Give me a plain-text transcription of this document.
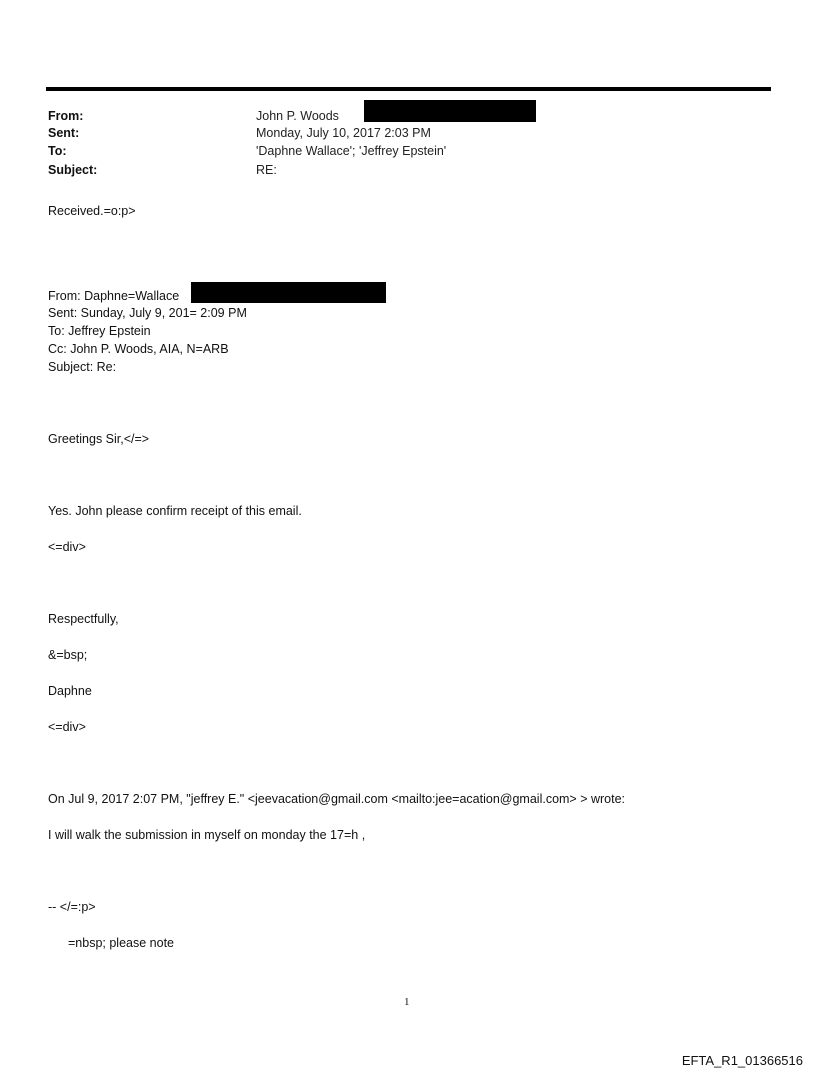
From:	John P. Woods
Sent:	Monday, July 10, 2017 2:03 PM
To:	'Daphne Wallace'; 'Jeffrey Epstein'
Subject:	RE:
Received.=o:p>
From: Daphne=Wallace
Sent: Sunday, July 9, 201= 2:09 PM
To: Jeffrey Epstein
Cc: John P. Woods, AIA, N=ARB
Subject: Re:
Greetings Sir,</=>
Yes. John please confirm receipt of this email.
<=div>
Respectfully,
&=bsp;
Daphne
<=div>
On Jul 9, 2017 2:07 PM, "jeffrey E." <jeevacation@gmail.com <mailto:jee=acation@gmail.com> > wrote:
I will walk the submission in myself on monday the 17=h ,
-- </=:p>
=nbsp; please note
1
EFTA_R1_01366516
